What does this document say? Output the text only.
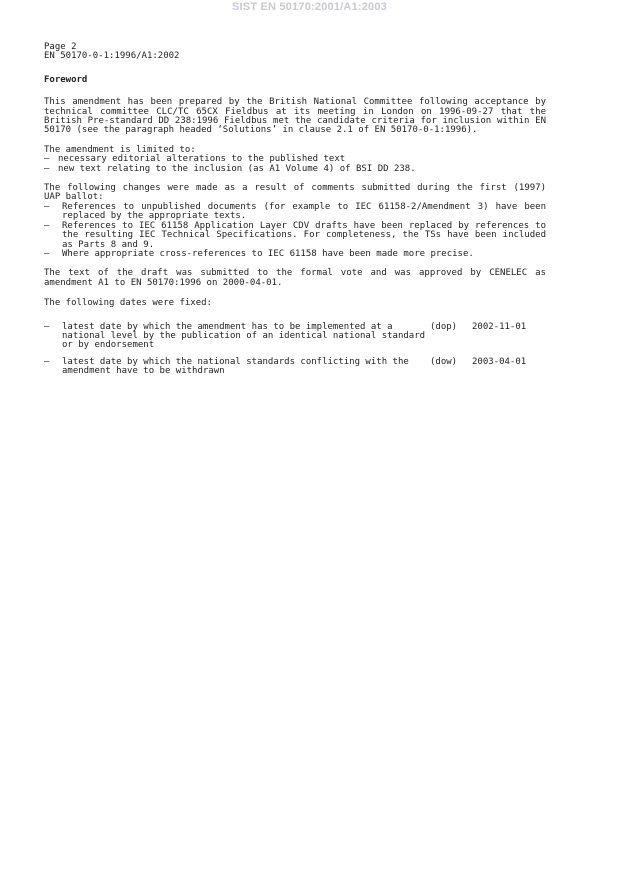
SIST EN 50170:2001/A1:2003
Page 2
EN 50170-0-1:1996/A1:2002
Foreword

This amendment has been prepared by the British National Committee following acceptance by technical committee CLC/TC 65CX Fieldbus at its meeting in London on 1996-09-27 that the British Pre-standard DD 238:1996 Fieldbus met the candidate criteria for inclusion within EN 50170 (see the paragraph headed ‘Solutions’ in clause 2.1 of EN 50170-0-1:1996).

The amendment is limited to:

– necessary editorial alterations to the published text
– new text relating to the inclusion (as A1 Volume 4) of BSI DD 238.

The following changes were made as a result of comments submitted during the first (1997) UAP ballot:

–	References to unpublished documents (for example to IEC 61158-2/Amendment 3) have been replaced by the appropriate texts.
–	References to IEC 61158 Application Layer CDV drafts have been replaced by references to the resulting IEC Technical Specifications. For completeness, the TSs have been included as Parts 8 and 9.
–	Where appropriate cross-references to IEC 61158 have been made more precise.

The text of the draft was submitted to the formal vote and was approved by CENELEC as amendment A1 to EN 50170:1996 on 2000-04-01.

The following dates were fixed:

–	latest date by which the amendment has to be implemented at a national level by the publication of an identical national standard or by endorsement
(dop)	2002-11-01
–	latest date by which the national standards conflicting with the amendment have to be withdrawn
(dow)	2003-04-01
